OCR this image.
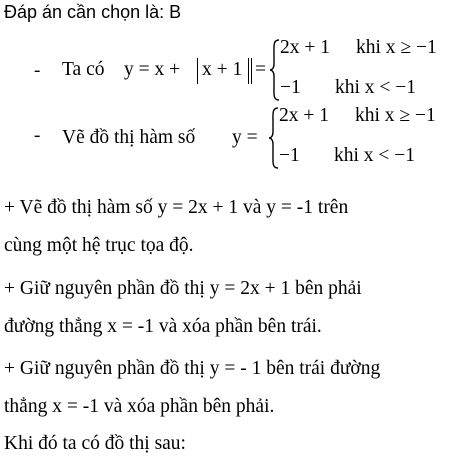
Đáp án cần chọn là: B
- Ta có y = x + x + 1 =
2x + 1 khi x ≥ −1
−1 khi x < −1
- Vẽ đồ thị hàm số y =
2x + 1 khi x ≥ −1
−1 khi x < −1
+ Vẽ đồ thị hàm số y = 2x + 1 và y = -1 trên
cùng một hệ trục tọa độ.
+ Giữ nguyên phần đồ thị y = 2x + 1 bên phải
đường thẳng x = -1 và xóa phần bên trái.
+ Giữ nguyên phần đồ thị y = - 1 bên trái đường
thẳng x = -1 và xóa phần bên phải.
Khi đó ta có đồ thị sau:
